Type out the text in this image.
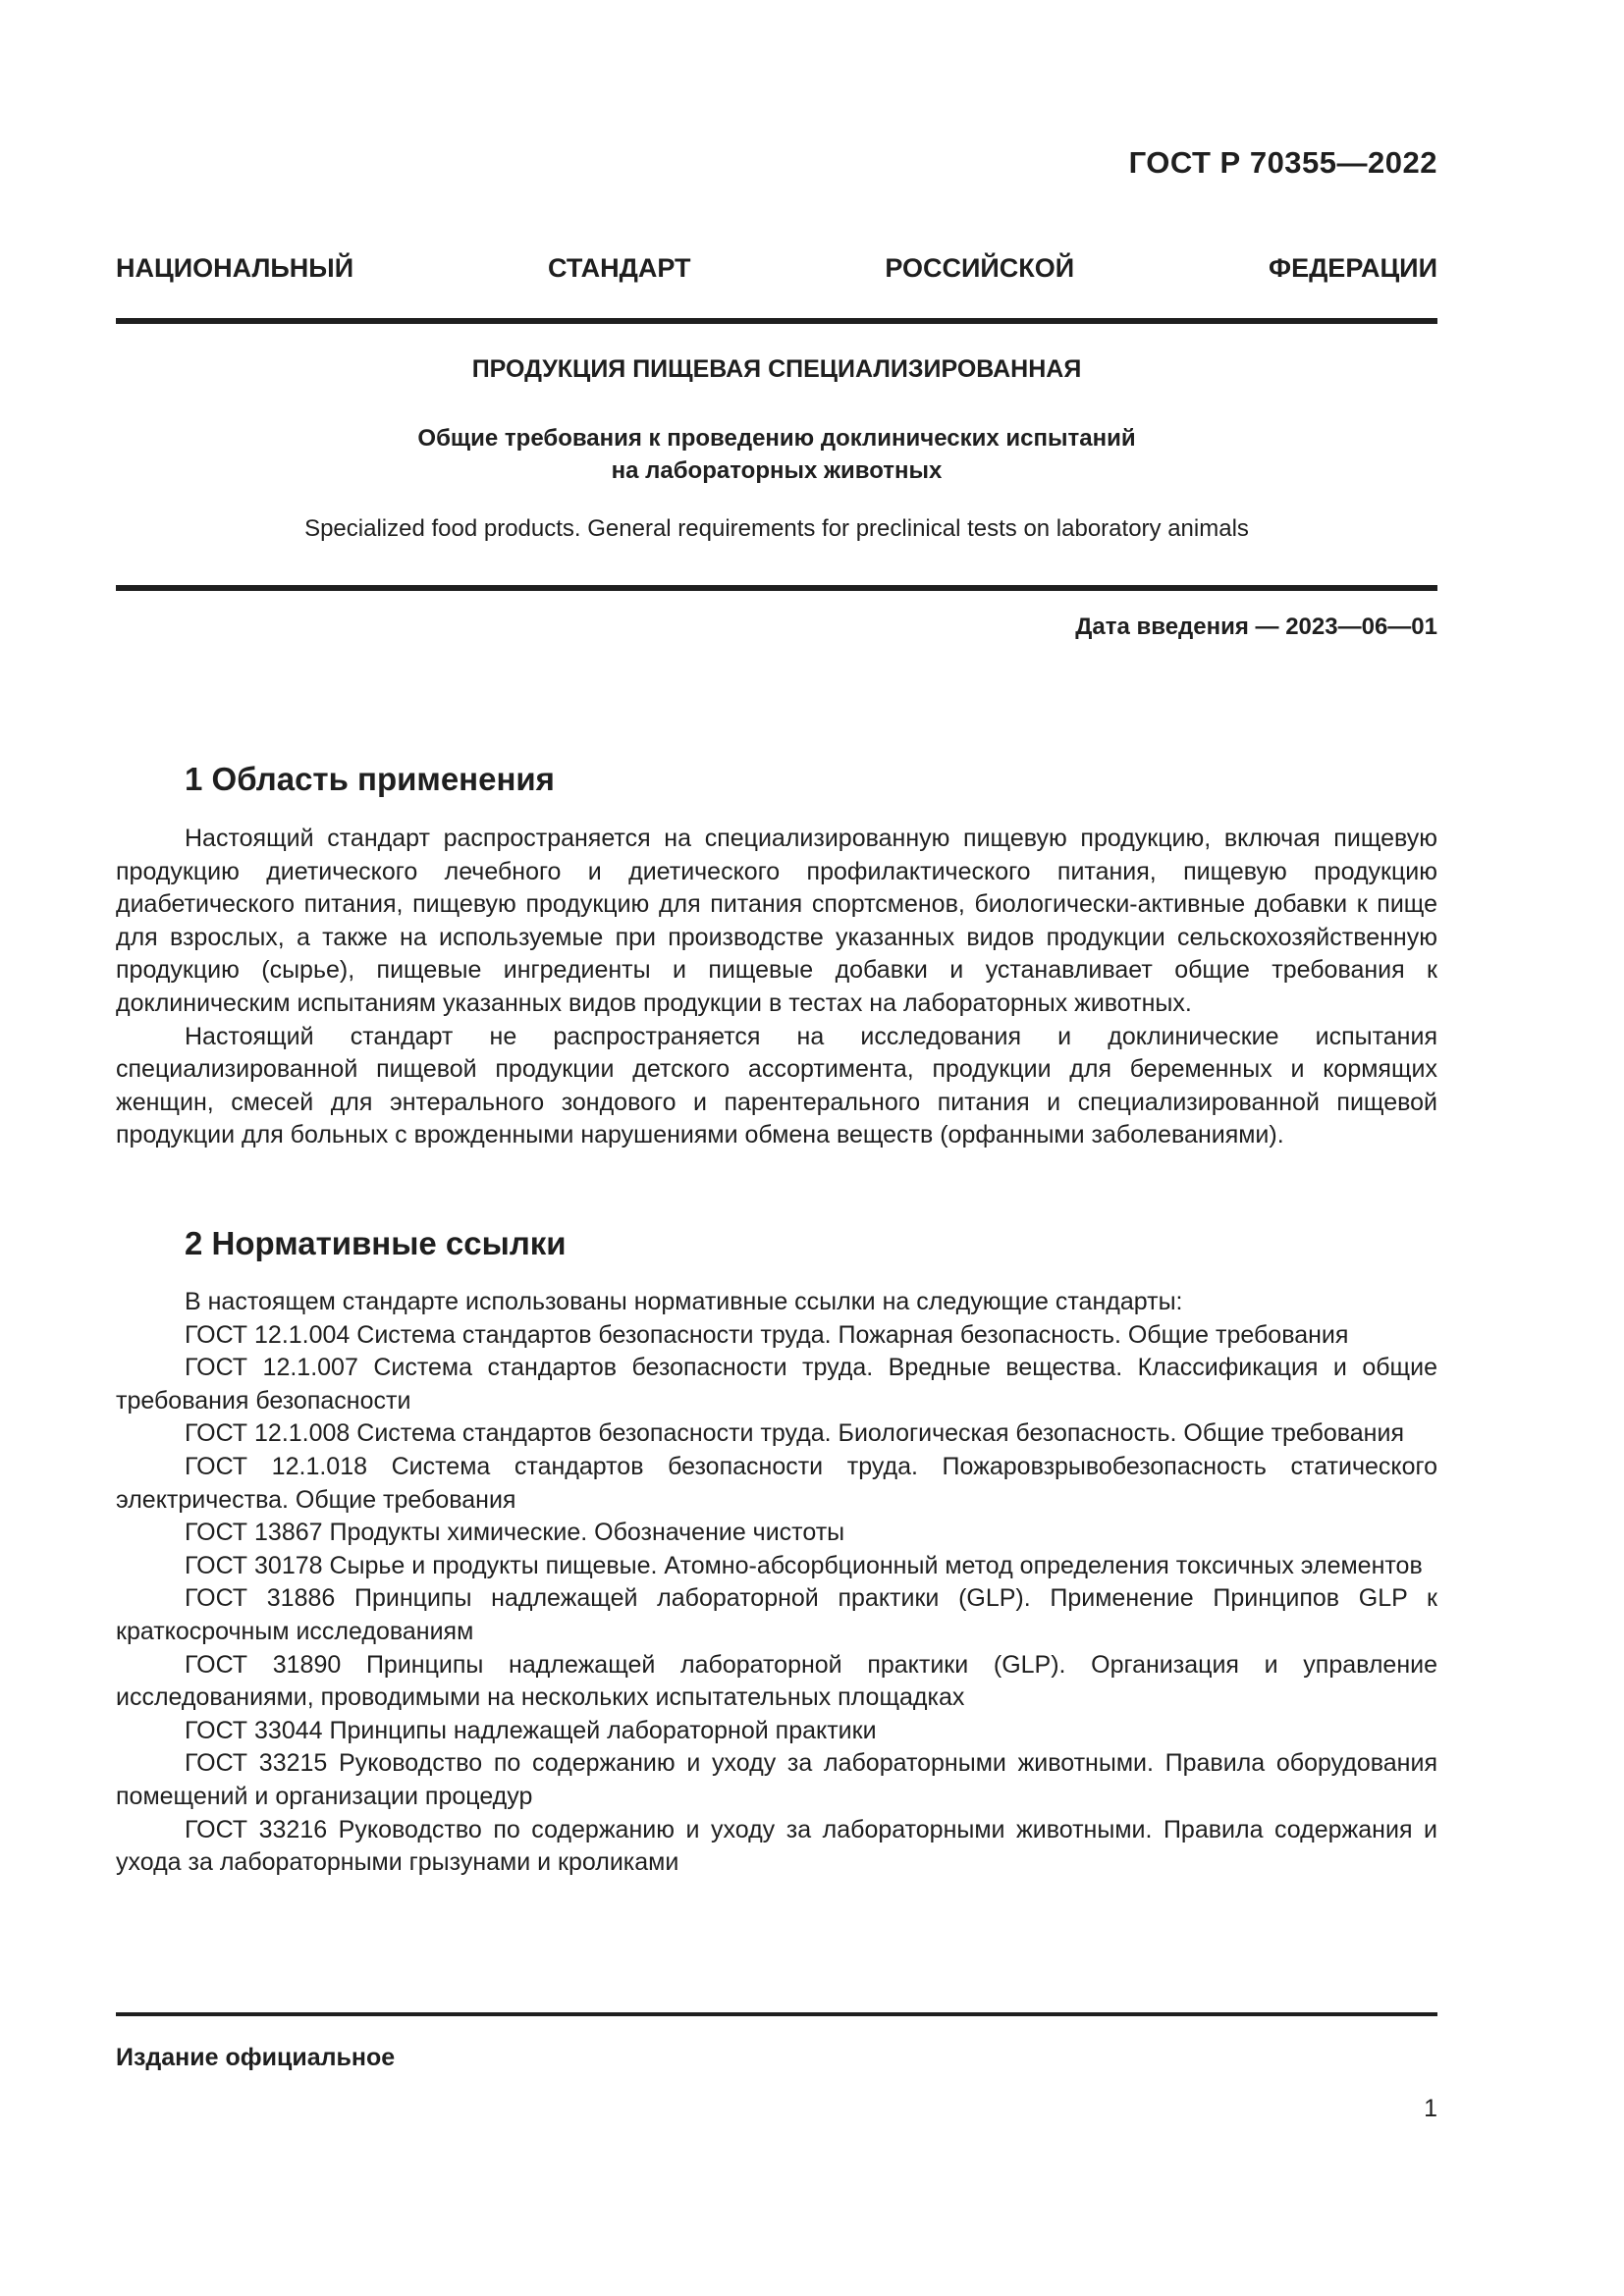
ГОСТ Р 70355—2022
НАЦИОНАЛЬНЫЙ СТАНДАРТ РОССИЙСКОЙ ФЕДЕРАЦИИ
ПРОДУКЦИЯ ПИЩЕВАЯ СПЕЦИАЛИЗИРОВАННАЯ
Общие требования к проведению доклинических испытаний
на лабораторных животных
Specialized food products. General requirements for preclinical tests on laboratory animals
Дата введения — 2023—06—01
1 Область применения

Настоящий стандарт распространяется на специализированную пищевую продукцию, включая пищевую продукцию диетического лечебного и диетического профилактического питания, пищевую продукцию диабетического питания, пищевую продукцию для питания спортсменов, биологически-активные добавки к пище для взрослых, а также на используемые при производстве указанных видов продукции сельскохозяйственную продукцию (сырье), пищевые ингредиенты и пищевые добавки и устанавливает общие требования к доклиническим испытаниям указанных видов продукции в тестах на лабораторных животных.

Настоящий стандарт не распространяется на исследования и доклинические испытания специализированной пищевой продукции детского ассортимента, продукции для беременных и кормящих женщин, смесей для энтерального зондового и парентерального питания и специализированной пищевой продукции для больных с врожденными нарушениями обмена веществ (орфанными заболеваниями).

2 Нормативные ссылки

В настоящем стандарте использованы нормативные ссылки на следующие стандарты:

ГОСТ 12.1.004 Система стандартов безопасности труда. Пожарная безопасность. Общие требования

ГОСТ 12.1.007 Система стандартов безопасности труда. Вредные вещества. Классификация и общие требования безопасности

ГОСТ 12.1.008 Система стандартов безопасности труда. Биологическая безопасность. Общие требования

ГОСТ 12.1.018 Система стандартов безопасности труда. Пожаровзрывобезопасность статического электричества. Общие требования

ГОСТ 13867 Продукты химические. Обозначение чистоты

ГОСТ 30178 Сырье и продукты пищевые. Атомно-абсорбционный метод определения токсичных элементов

ГОСТ 31886 Принципы надлежащей лабораторной практики (GLP). Применение Принципов GLP к краткосрочным исследованиям

ГОСТ 31890 Принципы надлежащей лабораторной практики (GLP). Организация и управление исследованиями, проводимыми на нескольких испытательных площадках

ГОСТ 33044 Принципы надлежащей лабораторной практики

ГОСТ 33215 Руководство по содержанию и уходу за лабораторными животными. Правила оборудования помещений и организации процедур

ГОСТ 33216 Руководство по содержанию и уходу за лабораторными животными. Правила содержания и ухода за лабораторными грызунами и кроликами

Издание официальное
1
